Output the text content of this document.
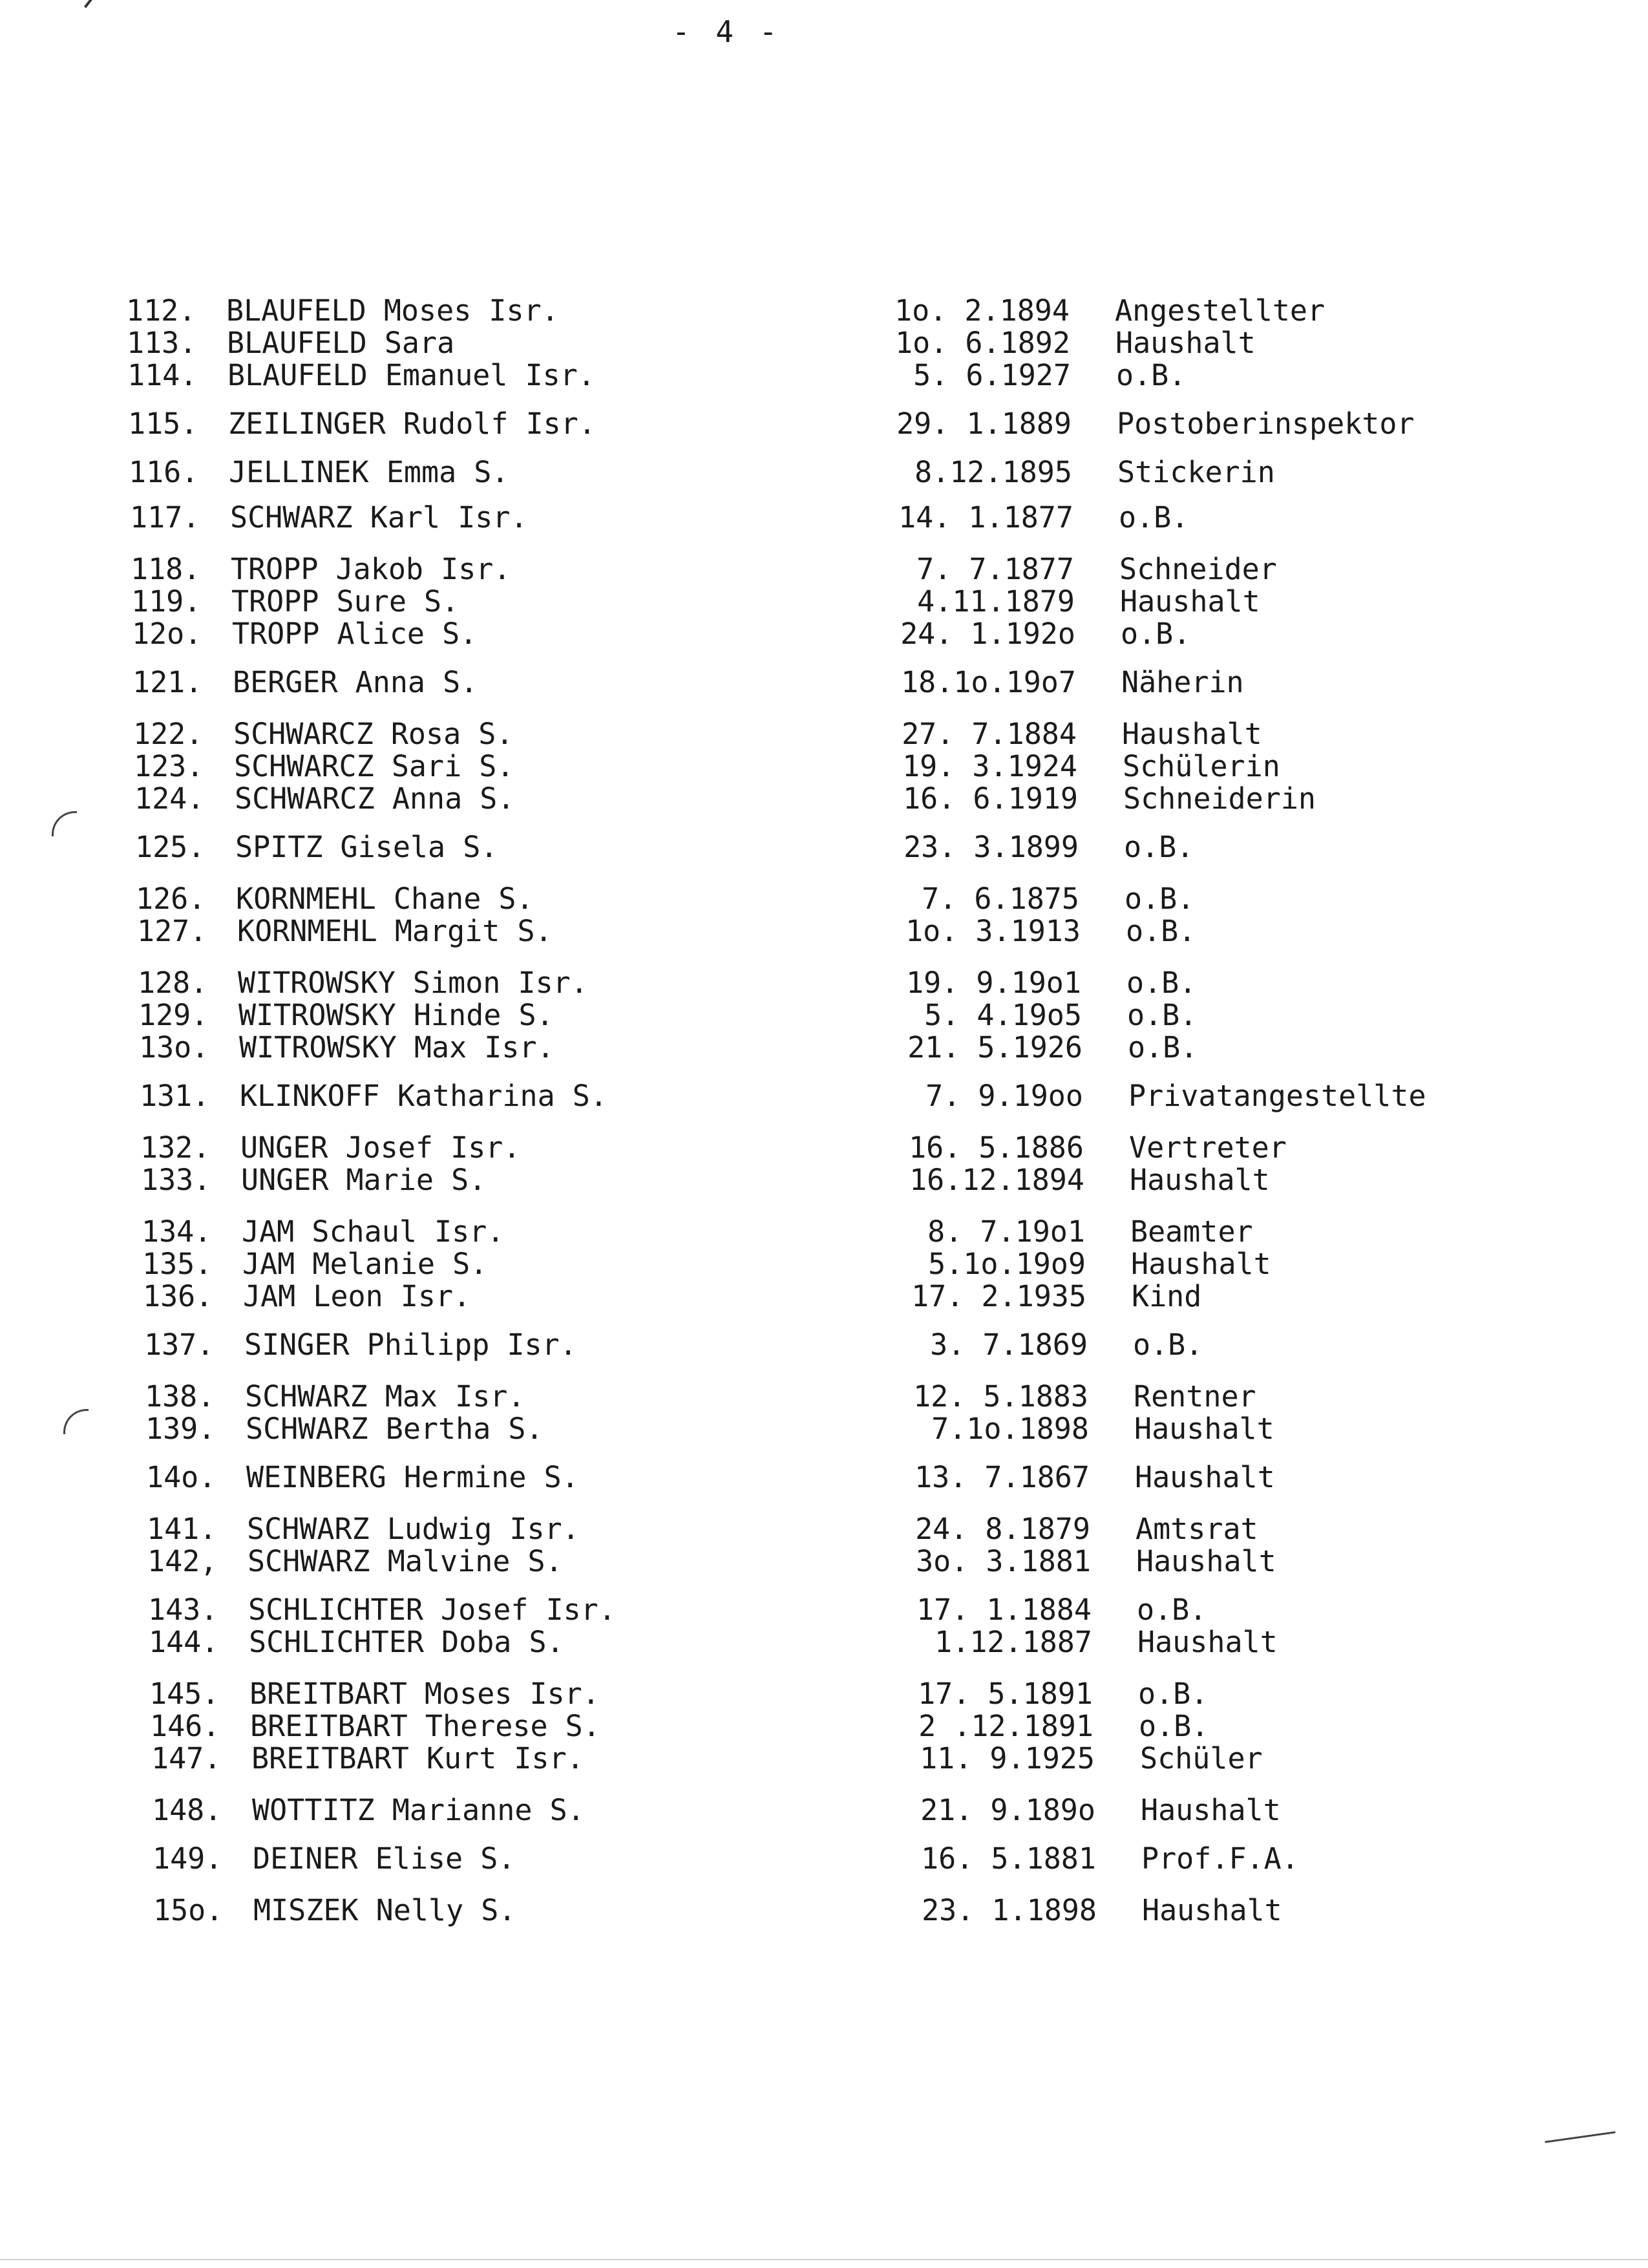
- 4 -
112.	BLAUFELD Moses Isr.	1o. 2.1894 Angestellter
113.	BLAUFELD Sara	1o. 6.1892 Haushalt
114.	BLAUFELD Emanuel Isr.	5. 6.1927 o.B.
115.	ZEILINGER Rudolf Isr.	29. 1.1889 Postoberinspektor
116.	JELLINEK Emma S.	8.12.1895 Stickerin
117.	SCHWARZ Karl Isr.	14. 1.1877 o.B.
118.	TROPP Jakob Isr.	7. 7.1877 Schneider
119.	TROPP Sure S.	4.11.1879 Haushalt
12o.	TROPP Alice S.	24. 1.192o o.B.
121.	BERGER Anna S.	18.1o.19o7 Näherin
122.	SCHWARCZ Rosa S.	27. 7.1884 Haushalt
123.	SCHWARCZ Sari S.	19. 3.1924 Schülerin
124.	SCHWARCZ Anna S.	16. 6.1919 Schneiderin
125.	SPITZ Gisela S.	23. 3.1899 o.B.
126.	KORNMEHL Chane S.	7. 6.1875 o.B.
127.	KORNMEHL Margit S.	1o. 3.1913 o.B.
128.	WITROWSKY Simon Isr.	19. 9.19o1 o.B.
129.	WITROWSKY Hinde S.	5. 4.19o5 o.B.
13o.	WITROWSKY Max Isr.	21. 5.1926 o.B.
131.	KLINKOFF Katharina S.	7. 9.19oo Privatangestellte
132.	UNGER Josef Isr.	16. 5.1886 Vertreter
133.	UNGER Marie S.	16.12.1894 Haushalt
134.	JAM Schaul Isr.	8. 7.19o1 Beamter
135.	JAM Melanie S.	5.1o.19o9 Haushalt
136.	JAM Leon Isr.	17. 2.1935 Kind
137.	SINGER Philipp Isr.	3. 7.1869 o.B.
138.	SCHWARZ Max Isr.	12. 5.1883 Rentner
139.	SCHWARZ Bertha S.	7.1o.1898 Haushalt
14o.	WEINBERG Hermine S.	13. 7.1867 Haushalt
141.	SCHWARZ Ludwig Isr.	24. 8.1879 Amtsrat
142,	SCHWARZ Malvine S.	3o. 3.1881 Haushalt
143.	SCHLICHTER Josef Isr.	17. 1.1884 o.B.
144.	SCHLICHTER Doba S.	1.12.1887 Haushalt
145.	BREITBART Moses Isr.	17. 5.1891 o.B.
146.	BREITBART Therese S.	2 .12.1891 o.B.
147.	BREITBART Kurt Isr.	11. 9.1925 Schüler
148.	WOTTITZ Marianne S.	21. 9.189o Haushalt
149.	DEINER Elise S.	16. 5.1881 Prof.F.A.
15o.	MISZEK Nelly S.	23. 1.1898 Haushalt
